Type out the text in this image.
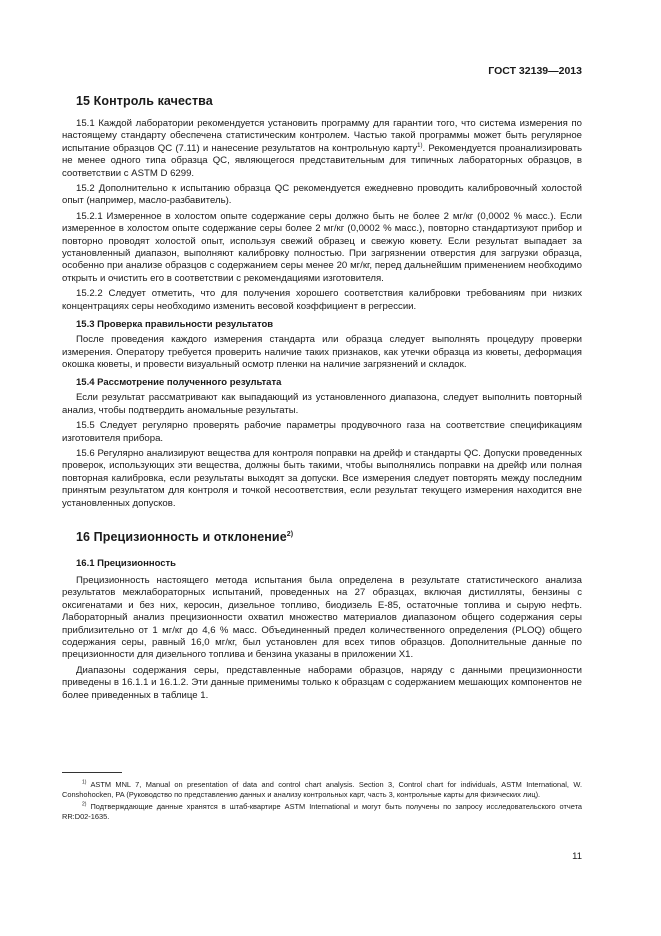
ГОСТ 32139—2013
15 Контроль качества

15.1 Каждой лаборатории рекомендуется установить программу для гарантии того, что система измерения по настоящему стандарту обеспечена статистическим контролем. Частью такой программы может быть регулярное испытание образцов QC (7.11) и нанесение результатов на контрольную карту$^{1)}$. Рекомендуется проанализировать не менее одного типа образца QC, являющегося представительным для типичных лабораторных образцов, в соответствии с ASTM D 6299.

15.2 Дополнительно к испытанию образца QC рекомендуется ежедневно проводить калибровочный холостой опыт (например, масло-разбавитель).

15.2.1 Измеренное в холостом опыте содержание серы должно быть не более 2 мг/кг (0,0002 % масс.). Если измеренное в холостом опыте содержание серы более 2 мг/кг (0,0002 % масс.), повторно стандартизуют прибор и повторно проводят холостой опыт, используя свежий образец и свежую кювету. Если результат выпадает за установленный диапазон, выполняют калибровку полностью. При загрязнении отверстия для загрузки образца, особенно при анализе образцов с содержанием серы менее 20 мг/кг, перед дальнейшим применением необходимо открыть и очистить его в соответствии с рекомендациями изготовителя.

15.2.2 Следует отметить, что для получения хорошего соответствия калибровки требованиям при низких концентрациях серы необходимо изменить весовой коэффициент в регрессии.

15.3 Проверка правильности результатов

После проведения каждого измерения стандарта или образца следует выполнять процедуру проверки измерения. Оператору требуется проверить наличие таких признаков, как утечки образца из кюветы, деформация окошка кюветы, и провести визуальный осмотр пленки на наличие загрязнений и складок.

15.4 Рассмотрение полученного результата

Если результат рассматривают как выпадающий из установленного диапазона, следует выполнить повторный анализ, чтобы подтвердить аномальные результаты.

15.5 Следует регулярно проверять рабочие параметры продувочного газа на соответствие спецификациям изготовителя прибора.

15.6 Регулярно анализируют вещества для контроля поправки на дрейф и стандарты QC. Допуски проведенных проверок, использующих эти вещества, должны быть такими, чтобы выполнялись поправки на дрейф или полная повторная калибровка, если результаты выходят за допуски. Все измерения следует повторять между последним принятым результатом для контроля и точкой несоответствия, если результат текущего измерения находится вне установленных допусков.

16 Прецизионность и отклонение$^{2)}$
16.1 Прецизионность

Прецизионность настоящего метода испытания была определена в результате статистического анализа результатов межлабораторных испытаний, проведенных на 27 образцах, включая дистилляты, бензины с оксигенатами и без них, керосин, дизельное топливо, биодизель Е-85, остаточные топлива и сырую нефть. Лабораторный анализ прецизионности охватил множество материалов диапазоном общего содержания серы приблизительно от 1 мг/кг до 4,6 % масс. Объединенный предел количественного определения (PLOQ) общего содержания серы, равный 16,0 мг/кг, был установлен для всех типов образцов. Дополнительные данные по прецизионности для дизельного топлива и бензина указаны в приложении X1.

Диапазоны содержания серы, представленные наборами образцов, наряду с данными прецизионности приведены в 16.1.1 и 16.1.2. Эти данные применимы только к образцам с содержанием мешающих компонентов не более приведенных в таблице 1.

$^{1)}$ ASTM MNL 7, Manual on presentation of data and control chart analysis. Section 3, Control chart for individuals, ASTM International, W. Conshohocken, PA (Руководство по представлению данных и анализу контрольных карт, часть 3, контрольные карты для физических лиц).

$^{2)}$ Подтверждающие данные хранятся в штаб-квартире ASTM International и могут быть получены по запросу исследовательского отчета RR:D02-1635.

11
